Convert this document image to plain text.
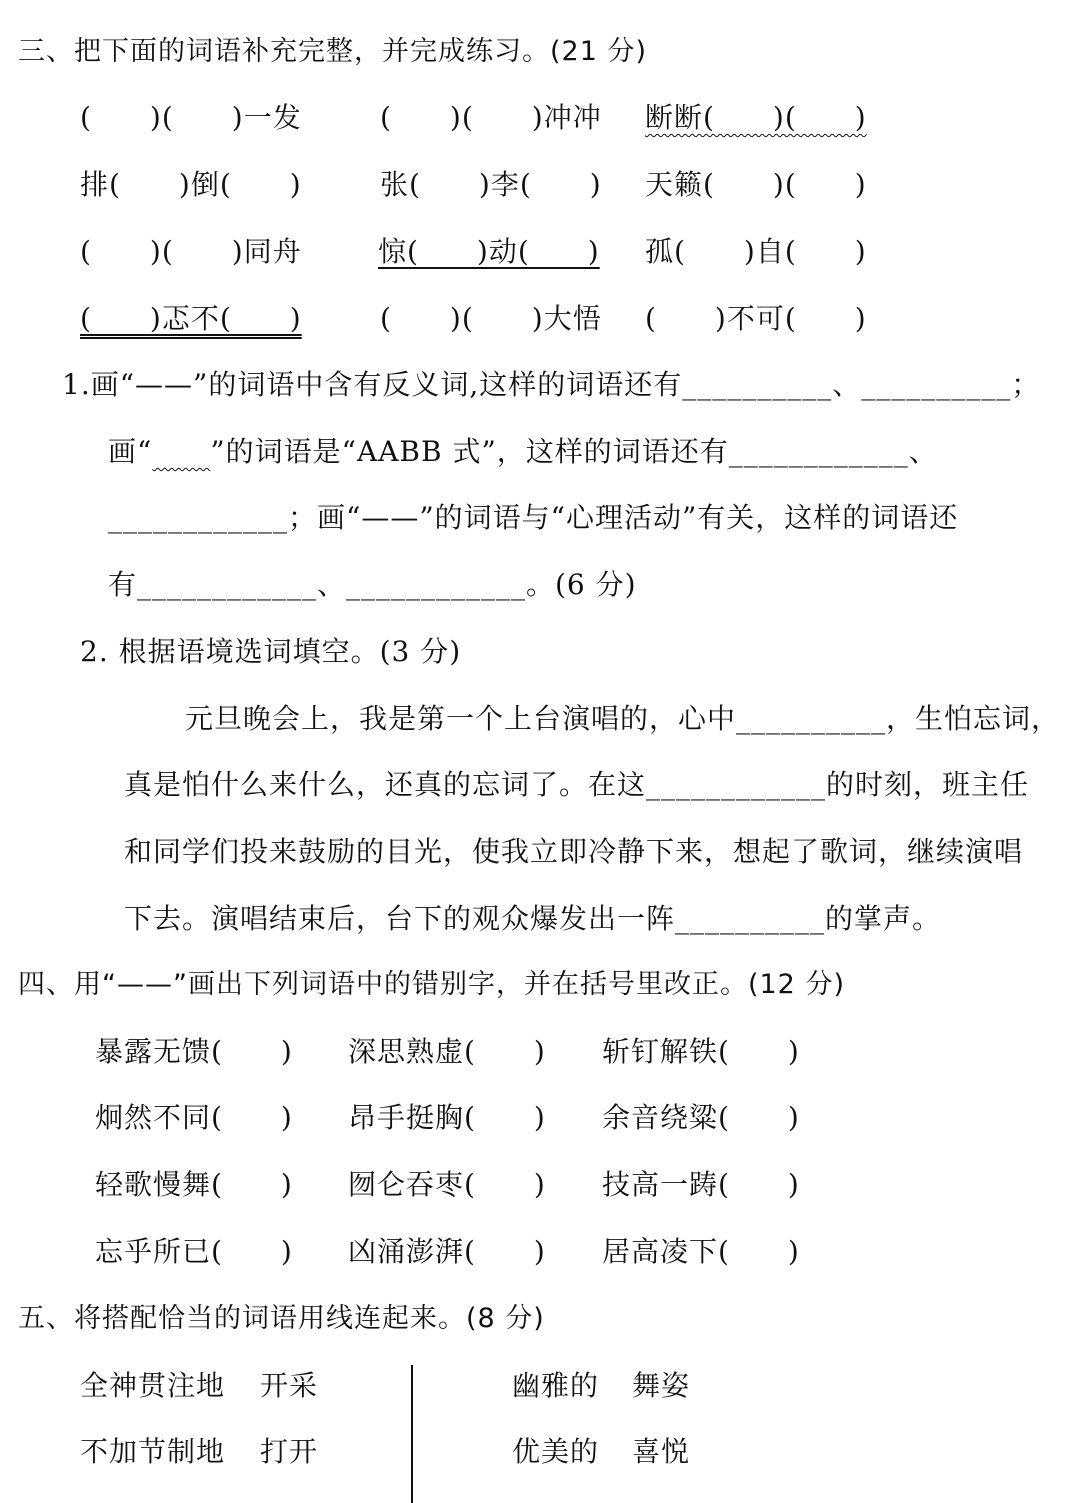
三、把下面的词语补充完整，并完成练习。(21 分)
(　　)(　　)一发	(　　)(　　)冲冲 断断(　　)(　　)
排(　　)倒(　　)	张(　　)李(　　) 天籁(　　)(　　)
(　　)(　　)同舟	惊(　　)动(　　) 孤(　　)自(　　)
(　　)忑不(　　)	(　　)(　　)大悟 (　　)不可(　　)
1.画“——”的词语中含有反义词,这样的词语还有__________、__________；
画“　　 ”的词语是“AABB 式”，这样的词语还有____________、
____________；画“——”的词语与“心理活动”有关，这样的词语还
有____________、____________。(6 分)
2. 根据语境选词填空。(3 分)
元旦晚会上，我是第一个上台演唱的，心中__________，生怕忘词，
真是怕什么来什么，还真的忘词了。在这____________的时刻，班主任
和同学们投来鼓励的目光，使我立即冷静下来，想起了歌词，继续演唱
下去。演唱结束后，台下的观众爆发出一阵__________的掌声。
四、用“——”画出下列词语中的错别字，并在括号里改正。(12 分)
暴露无馈(　　) 深思熟虚(　　) 斩钉解铁(　　)
炯然不同(　　) 昂手挺胸(　　) 余音绕粱(　　)
轻歌慢舞(　　) 囫仑吞枣(　　) 技高一踌(　　)
忘乎所已(　　) 凶涌澎湃(　　) 居高凌下(　　)
五、将搭配恰当的词语用线连起来。(8 分)
全神贯注地 开采
不加节制地 打开
幽雅的 舞姿
优美的 喜悦
